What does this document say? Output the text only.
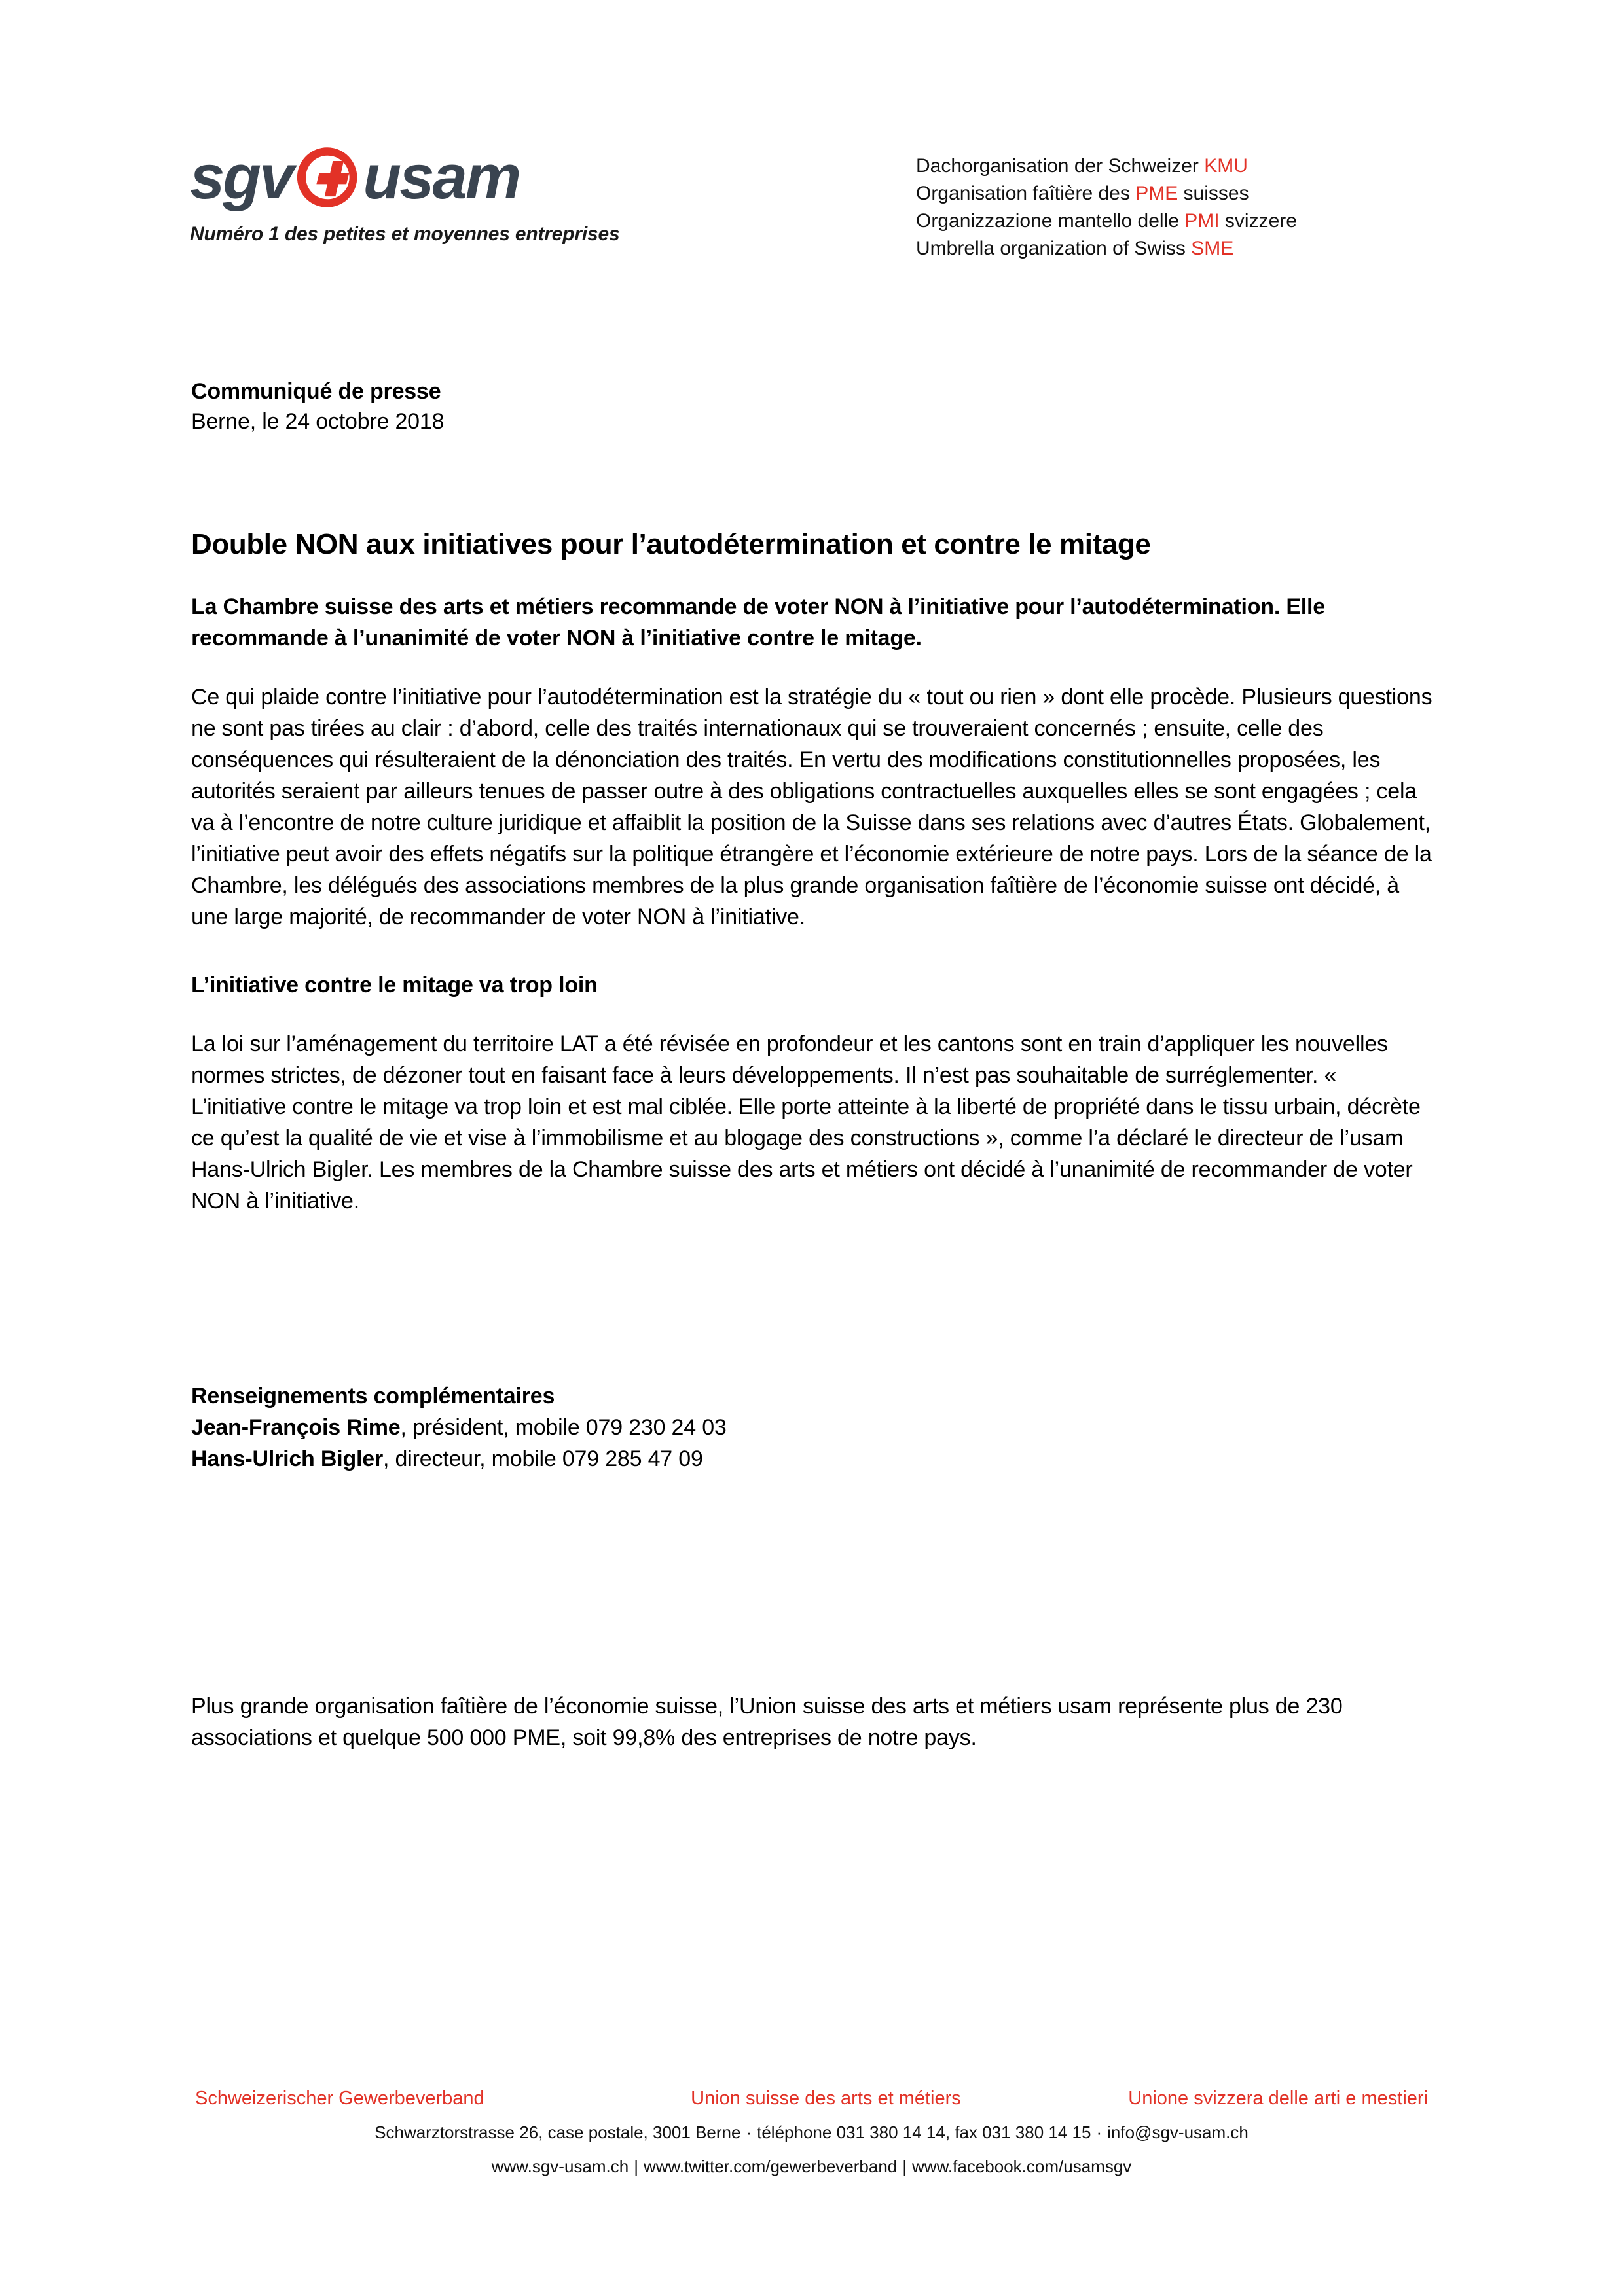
sgv usam
Numéro 1 des petites et moyennes entreprises
Dachorganisation der Schweizer KMU
Organisation faîtière des PME suisses
Organizzazione mantello delle PMI svizzere
Umbrella organization of Swiss SME
Communiqué de presse
Berne, le 24 octobre 2018
Double NON aux initiatives pour l’autodétermination et contre le mitage

La Chambre suisse des arts et métiers recommande de voter NON à l’initiative pour l’autodétermination. Elle recommande à l’unanimité de voter NON à l’initiative contre le mitage.

Ce qui plaide contre l’initiative pour l’autodétermination est la stratégie du « tout ou rien » dont elle procède. Plusieurs questions ne sont pas tirées au clair : d’abord, celle des traités internationaux qui se trouveraient concernés ; ensuite, celle des conséquences qui résulteraient de la dénonciation des traités. En vertu des modifications constitutionnelles proposées, les autorités seraient par ailleurs tenues de passer outre à des obligations contractuelles auxquelles elles se sont engagées ; cela va à l’encontre de notre culture juridique et affaiblit la position de la Suisse dans ses relations avec d’autres États. Globalement, l’initiative peut avoir des effets négatifs sur la politique étrangère et l’économie extérieure de notre pays. Lors de la séance de la Chambre, les délégués des associations membres de la plus grande organisation faîtière de l’économie suisse ont décidé, à une large majorité, de recommander de voter NON à l’initiative.

L’initiative contre le mitage va trop loin

La loi sur l’aménagement du territoire LAT a été révisée en profondeur et les cantons sont en train d’appliquer les nouvelles normes strictes, de dézoner tout en faisant face à leurs développements. Il n’est pas souhaitable de surréglementer. « L’initiative contre le mitage va trop loin et est mal ciblée. Elle porte atteinte à la liberté de propriété dans le tissu urbain, décrète ce qu’est la qualité de vie et vise à l’immobilisme et au blogage des constructions », comme l’a déclaré le directeur de l’usam Hans-Ulrich Bigler. Les membres de la Chambre suisse des arts et métiers ont décidé à l’unanimité de recommander de voter NON à l’initiative.

Renseignements complémentaires
Jean-François Rime, président, mobile 079 230 24 03
Hans-Ulrich Bigler, directeur, mobile 079 285 47 09

Plus grande organisation faîtière de l’économie suisse, l’Union suisse des arts et métiers usam représente plus de 230 associations et quelque 500 000 PME, soit 99,8% des entreprises de notre pays.

Schweizerischer Gewerbeverband	Union suisse des arts et métiers	Unione svizzera delle arti e mestieri
Schwarztorstrasse 26, case postale, 3001 Berne · téléphone 031 380 14 14, fax 031 380 14 15 · info@sgv-usam.ch
www.sgv-usam.ch | www.twitter.com/gewerbeverband | www.facebook.com/usamsgv
